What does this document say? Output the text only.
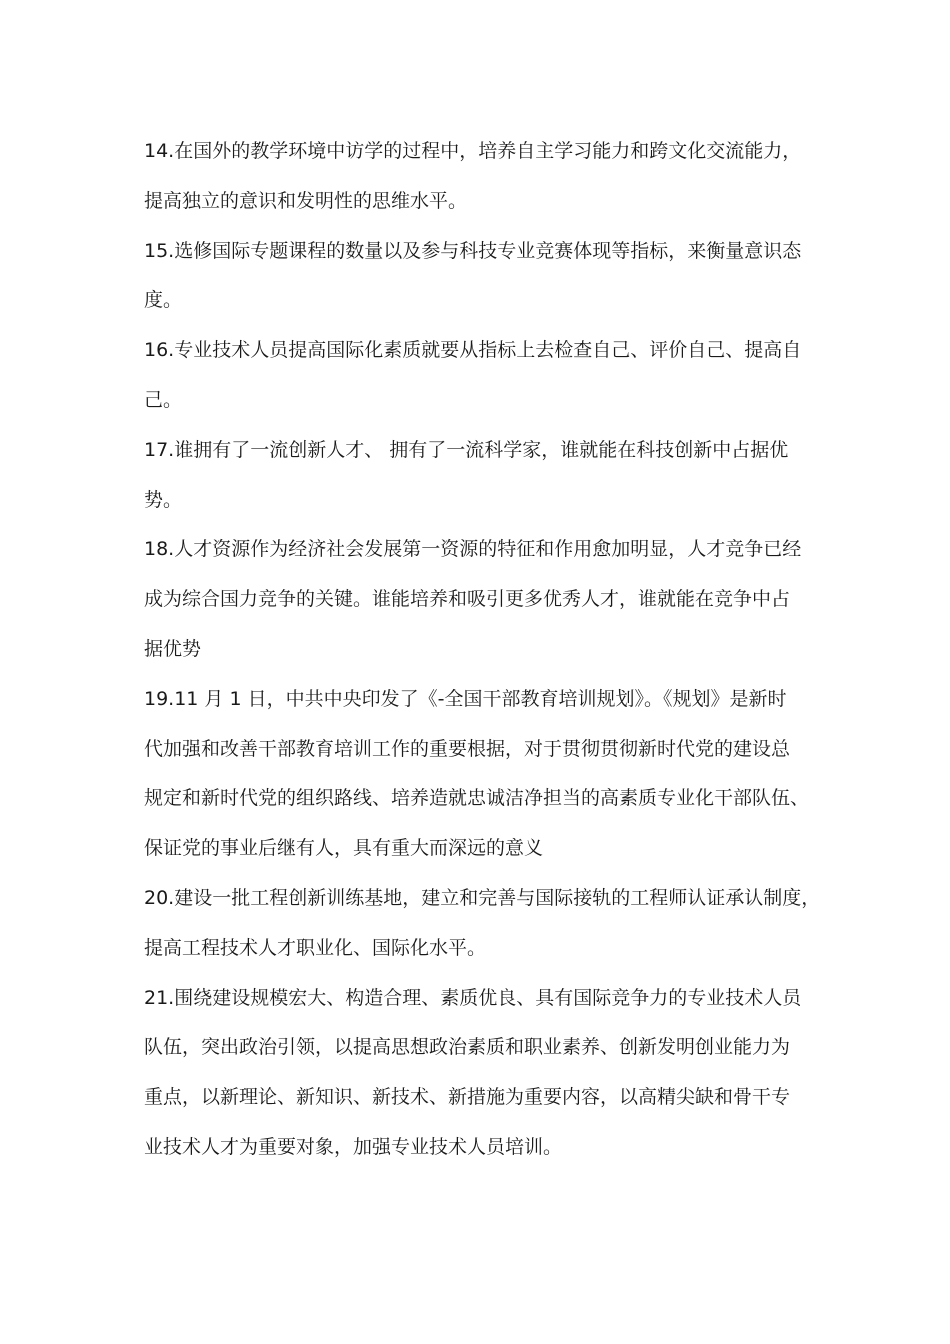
14.在国外的教学环境中访学的过程中，培养自主学习能力和跨文化交流能力，
提高独立的意识和发明性的思维水平。
15.选修国际专题课程的数量以及参与科技专业竞赛体现等指标，来衡量意识态
度。
16.专业技术人员提高国际化素质就要从指标上去检查自己、评价自己、提高自
己。
17.谁拥有了一流创新人才、 拥有了一流科学家，谁就能在科技创新中占据优
势。
18.人才资源作为经济社会发展第一资源的特征和作用愈加明显，人才竞争已经
成为综合国力竞争的关键。谁能培养和吸引更多优秀人才，谁就能在竞争中占
据优势
19.11 月 1 日，中共中央印发了《-全国干部教育培训规划》。《规划》是新时
代加强和改善干部教育培训工作的重要根据，对于贯彻贯彻新时代党的建设总
规定和新时代党的组织路线、培养造就忠诚洁净担当的高素质专业化干部队伍、
保证党的事业后继有人，具有重大而深远的意义
20.建设一批工程创新训练基地，建立和完善与国际接轨的工程师认证承认制度，
提高工程技术人才职业化、国际化水平。
21.围绕建设规模宏大、构造合理、素质优良、具有国际竞争力的专业技术人员
队伍，突出政治引领，以提高思想政治素质和职业素养、创新发明创业能力为
重点，以新理论、新知识、新技术、新措施为重要内容，以高精尖缺和骨干专
业技术人才为重要对象，加强专业技术人员培训。
